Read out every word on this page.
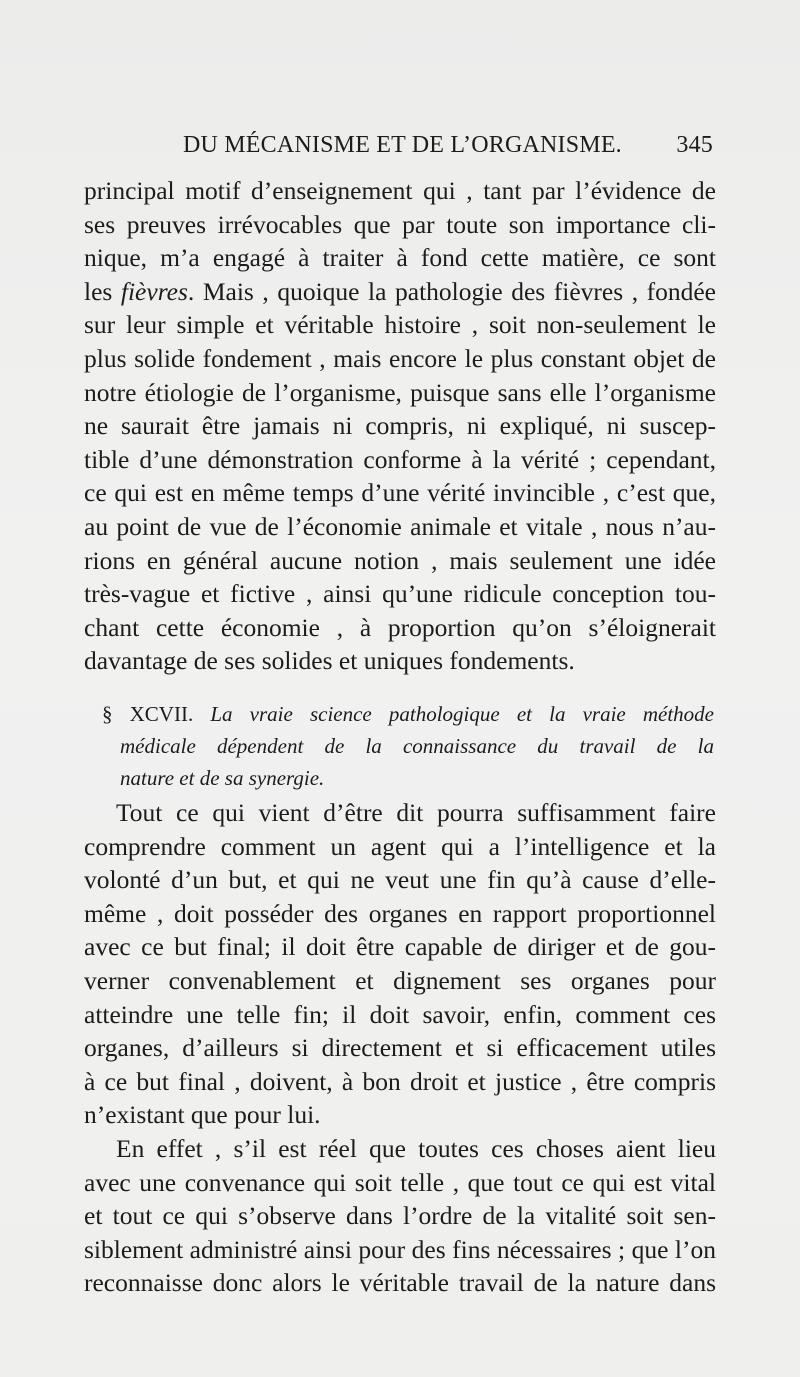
DU MÉCANISME ET DE L’ORGANISME. 345
principal motif d’enseignement qui , tant par l’évidence de
ses preuves irrévocables que par toute son importance cli-
nique, m’a engagé à traiter à fond cette matière, ce sont
les fièvres. Mais , quoique la pathologie des fièvres , fondée
sur leur simple et véritable histoire , soit non-seulement le
plus solide fondement , mais encore le plus constant objet de
notre étiologie de l’organisme, puisque sans elle l’organisme
ne saurait être jamais ni compris, ni expliqué, ni suscep-
tible d’une démonstration conforme à la vérité ; cependant,
ce qui est en même temps d’une vérité invincible , c’est que,
au point de vue de l’économie animale et vitale , nous n’au-
rions en général aucune notion , mais seulement une idée
très-vague et fictive , ainsi qu’une ridicule conception tou-
chant cette économie , à proportion qu’on s’éloignerait
davantage de ses solides et uniques fondements.
§ XCVII. La vraie science pathologique et la vraie méthode
médicale dépendent de la connaissance du travail de la
nature et de sa synergie.
Tout ce qui vient d’être dit pourra suffisamment faire
comprendre comment un agent qui a l’intelligence et la
volonté d’un but, et qui ne veut une fin qu’à cause d’elle-
même , doit posséder des organes en rapport proportionnel
avec ce but final; il doit être capable de diriger et de gou-
verner convenablement et dignement ses organes pour
atteindre une telle fin; il doit savoir, enfin, comment ces
organes, d’ailleurs si directement et si efficacement utiles
à ce but final , doivent, à bon droit et justice , être compris
n’existant que pour lui.
En effet , s’il est réel que toutes ces choses aient lieu
avec une convenance qui soit telle , que tout ce qui est vital
et tout ce qui s’observe dans l’ordre de la vitalité soit sen-
siblement administré ainsi pour des fins nécessaires ; que l’on
reconnaisse donc alors le véritable travail de la nature dans
